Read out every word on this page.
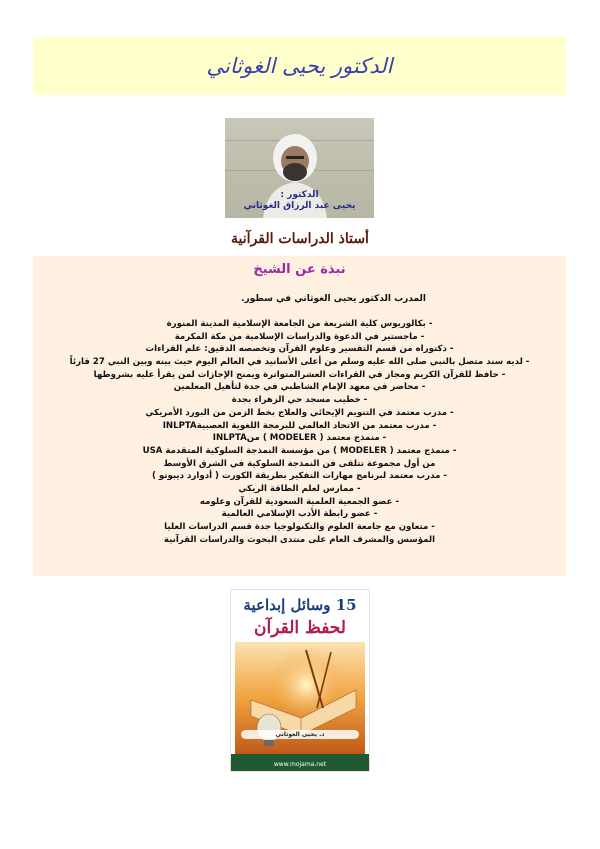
الدكتور يحيى الغوثاني
الدكتور :
يحيى عبد الرزاق الغوثاني
أستاذ الدراسات القرآنية
نبذة عن الشيخ
المدرب الدكتور يحيى الغوثاني في سطور.
- بكالوريوس كلية الشريعة من الجامعة الإسلامية المدينة المنورة
- ماجستير في الدعوة والدراسات الإسلامية من مكة المكرمة
- دكتوراه من قسم التفسير وعلوم القرآن وتخصصه الدقيق: علم القراءات
- لديه سند متصل بالنبي صلى الله عليه وسلم من أعلى الأسانيد في العالم اليوم حيث بينه وبين النبي 27 قارئاً
- حافظ للقرآن الكريم ومجاز في القراءات العشرالمتواترة ويمنح الإجازات لمن يقرأ عليه بشروطها
- محاضر في معهد الإمام الشاطبي في جدة لتأهيل المعلمين
- خطيب مسجد حي الزهراء بجدة
- مدرب معتمد في التنويم الإيحائي والعلاج بخط الزمن من البورد الأمريكي
- مدرب معتمد من الاتحاد العالمي للبرمجة اللغوية العصبيةINLPTA
- منمذج معتمد ( MODELER ) منINLPTA
- منمذج معتمد ( MODELER ) من مؤسسة النمذجة السلوكية المتقدمة USA
من أول مجموعة تتلقى فن النمذجة السلوكية في الشرق الأوسط
- مدرب معتمد لبرنامج مهارات التفكير بطريقة الكورت ( أدوارد ديبونو )
- ممارس لعلم الطاقة الريكي
- عضو الجمعية العلمية السعودية للقرآن وعلومه
- عضو رابطة الأدب الإسلامي العالمية
- متعاون مع جامعة العلوم والتكنولوجيا جدة قسم الدراسات العليا
المؤسس والمشرف العام على منتدى البحوث والدراسات القرآنية
15 وسائل إبداعية
لحفظ القرآن
د. يحيى الغوثاني
www.mojama.net
